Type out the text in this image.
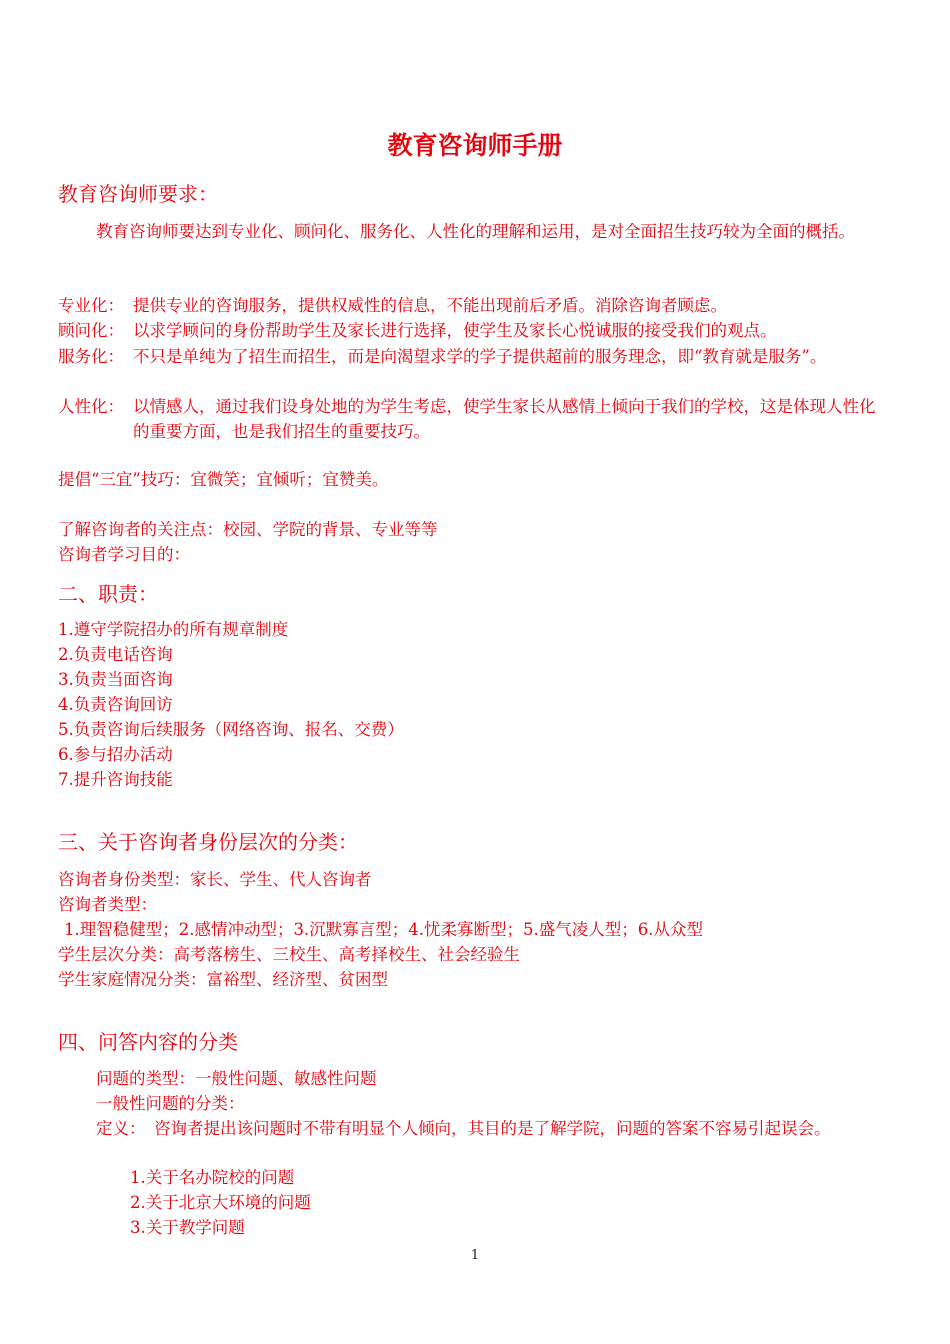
教育咨询师手册
教育咨询师要求：
教育咨询师要达到专业化、顾问化、服务化、人性化的理解和运用，是对全面招生技巧较为全面的概括。
专业化： 提供专业的咨询服务，提供权威性的信息，不能出现前后矛盾。消除咨询者顾虑。
顾问化： 以求学顾问的身份帮助学生及家长进行选择，使学生及家长心悦诚服的接受我们的观点。
服务化： 不只是单纯为了招生而招生，而是向渴望求学的学子提供超前的服务理念，即“教育就是服务”。
人性化： 以情感人，通过我们设身处地的为学生考虑，使学生家长从感情上倾向于我们的学校，这是体现人性化的重要方面，也是我们招生的重要技巧。
提倡“三宜”技巧：宜微笑；宜倾听；宜赞美。
了解咨询者的关注点：校园、学院的背景、专业等等
咨询者学习目的：
二、职责：
1.遵守学院招办的所有规章制度
2.负责电话咨询
3.负责当面咨询
4.负责咨询回访
5.负责咨询后续服务（网络咨询、报名、交费）
6.参与招办活动
7.提升咨询技能
三、关于咨询者身份层次的分类：
咨询者身份类型：家长、学生、代人咨询者
咨询者类型：
1.理智稳健型；2.感情冲动型；3.沉默寡言型；4.忧柔寡断型；5.盛气凌人型；6.从众型
学生层次分类：高考落榜生、三校生、高考择校生、社会经验生
学生家庭情况分类：富裕型、经济型、贫困型
四、问答内容的分类
问题的类型：一般性问题、敏感性问题
一般性问题的分类：
定义： 咨询者提出该问题时不带有明显个人倾向，其目的是了解学院，问题的答案不容易引起误会。
1.关于名办院校的问题
2.关于北京大环境的问题
3.关于教学问题
1
